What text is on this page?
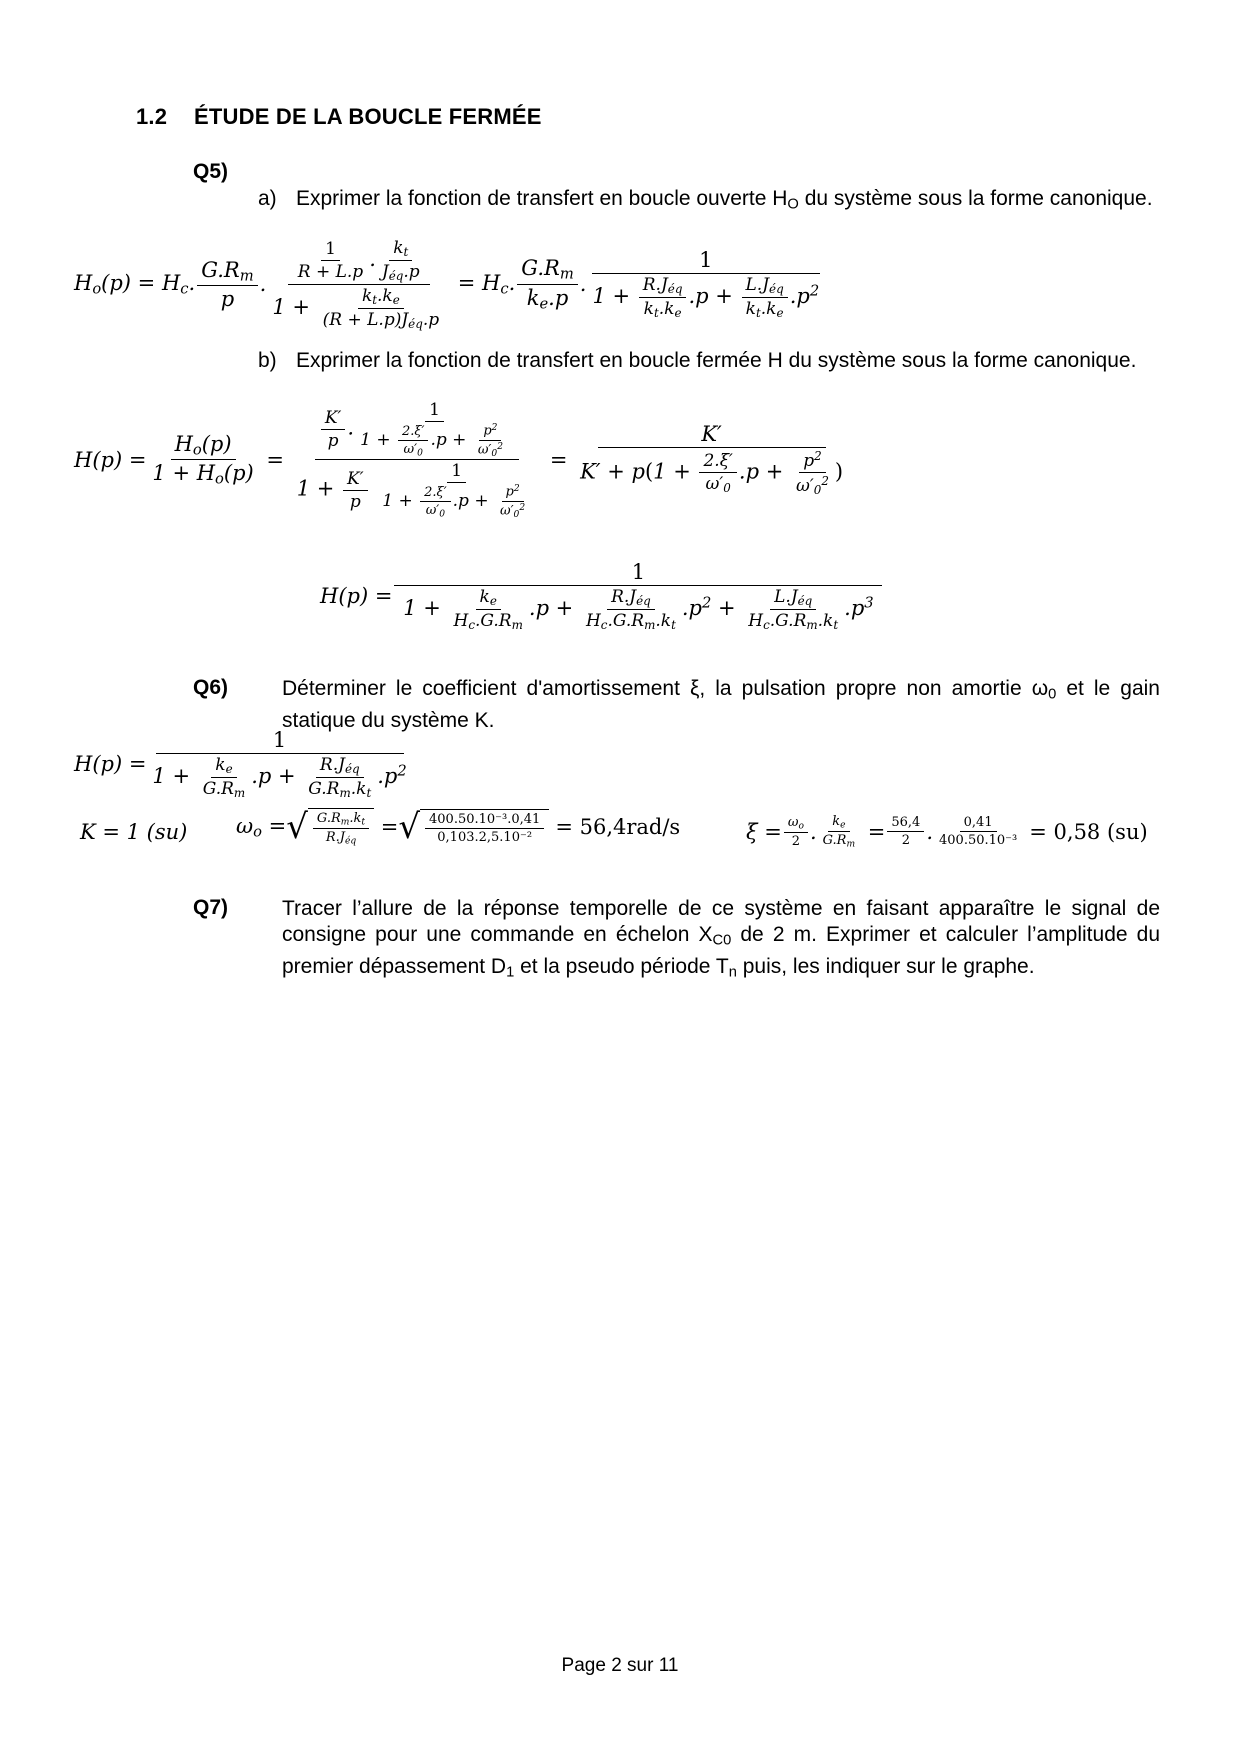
1.2 ÉTUDE DE LA BOUCLE FERMÉE
Q5)
a) Exprimer la fonction de transfert en boucle ouverte $H_O$ du système sous la forme canonique.
$H_o(p) = H_c$. $\frac{G.R_m}{p}$ . $\frac{\frac{1}{R + L.p} . \frac{k_t}{J_{éq}.p}}{1 + \frac{k_t.k_e}{(R + L.p)J_{éq}.p}} = H_c$. $\frac{G.R_m}{k_e.p}$ . $\frac{1}{1 + \frac{R.J_{éq}}{k_t.k_e} .p + \frac{L.J_{éq}}{k_t.k_e} .p^2}$
b) Exprimer la fonction de transfert en boucle fermée H du système sous la forme canonique.
$H(p) = \frac{H_o(p)}{1 + H_o(p)} = \frac{K'}{p}$ . $\frac{1}{1 + \frac{2.\xi'}{\omega'_0} .p + \frac{p^2}{\omega'_0^2}}$
$1 + \frac{K'}{p}$
$\frac{1}{1 + \frac{2.\xi'}{\omega'_0} .p + \frac{p^2}{\omega'_0^2}} = \frac{K'}{K' + p(1 + \frac{2.\xi'}{\omega'_0} .p + \frac{p^2}{\omega'_0^2} )}$
$H(p) = \frac{1}{1 + \frac{k_e}{H_c.G.R_m} .p + \frac{R.J_{éq}}{H_c.G.R_m.k_t} .p^2 + \frac{L.J_{éq}}{H_c.G.R_m.k_t} .p^3}$
Q6)	Déterminer le coefficient d'amortissement ξ, la pulsation propre non amortie $\omega_0$ et le gain statique du système K.
$H(p) = \frac{1}{1 + \frac{k_e}{G.R_m} .p + \frac{R.J_{éq}}{G.R_m.k_t} .p^2}$
K = 1 (su) $\omega_o$ = √ $\frac{G.R_m.k_t}{R.J_{éq}}$ = √ $\frac{\text{400.50.10⁻³.0,41}}{\text{0,103.2,5.10⁻²}} = 56,4rad/s$	$\xi = \frac{\omega_o}{2}$ . $\frac{k_e}{G.R_m} = \frac{56,4}{2}$ . $\frac{0,41}{\text{400.50.10⁻³}} = 0,58$ (su)
Q7)	Tracer l’allure de la réponse temporelle de ce système en faisant apparaître le signal de consigne pour une commande en échelon $X_{C0}$ de 2 m. Exprimer et calculer l’amplitude du premier dépassement $D_1$ et la pseudo période $T_n$ puis, les indiquer sur le graphe.
Page 2 sur 11
